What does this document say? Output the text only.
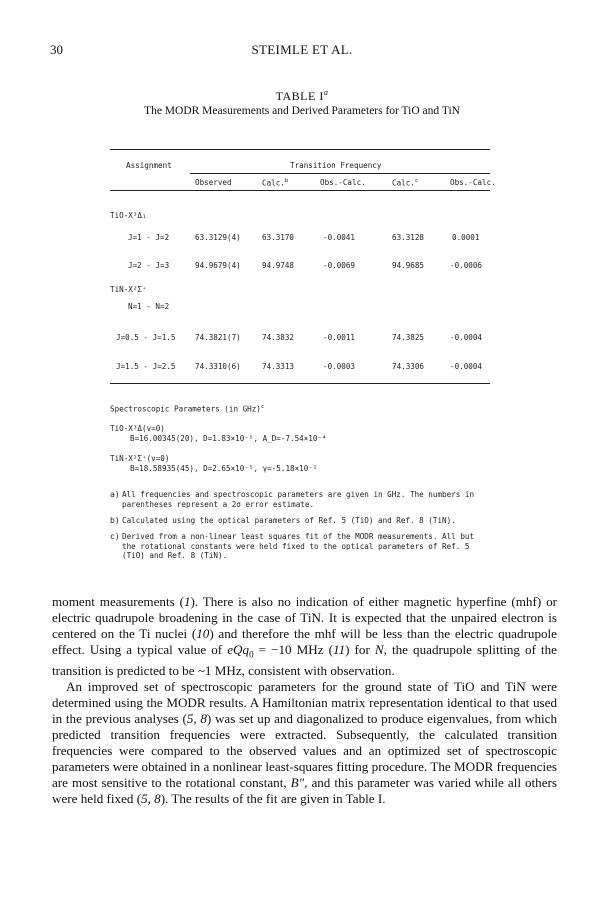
30	STEIMLE ET AL.
TABLE $I^a$
The MODR Measurements and Derived Parameters for TiO and TiN
Assignment	Transition Frequency
Observed	Calc.$^b$	Obs.-Calc.	Calc.$^c$	Obs.-Calc.
TiO-X³Δ₁
J=1 - J=2	63.3129(4)	63.3170	-0.0041	63.3128	0.0001
J=2 - J=3	94.9679(4)	94.9748	-0.0069	94.9685	-0.0006
TiN-X²Σ⁺
N=1 - N=2
J=0.5 - J=1.5	74.3821(7)	74.3832	-0.0011	74.3825	-0.0004
J=1.5 - J=2.5	74.3310(6)	74.3313	-0.0003	74.3306	-0.0004
Spectroscopic Parameters (in GHz)$^c$
TiO-X³Δ(v=0)
B=16.00345(20), D=1.83×10⁻⁵, A_D=-7.54×10⁻⁴
TiN-X²Σ⁺(v=0)
B=18.58935(45), D=2.65×10⁻⁵, γ=-5.18×10⁻²
a) All frequencies and spectroscopic parameters are given in GHz. The numbers in parentheses represent a 2σ error estimate.
b) Calculated using the optical parameters of Ref. 5 (TiO) and Ref. 8 (TiN).
c) Derived from a non-linear least squares fit of the MODR measurements. All but the rotational constants were held fixed to the optical parameters of Ref. 5 (TiO) and Ref. 8 (TiN).

moment measurements (1). There is also no indication of either magnetic hyperfine (mhf) or electric quadrupole broadening in the case of TiN. It is expected that the unpaired electron is centered on the Ti nuclei (10) and therefore the mhf will be less than the electric quadrupole effect. Using a typical value of eQq$_0$ = −10 MHz (11) for N, the quadrupole splitting of the transition is predicted to be ~1 MHz, consistent with observation.

An improved set of spectroscopic parameters for the ground state of TiO and TiN were determined using the MODR results. A Hamiltonian matrix representation identical to that used in the previous analyses (5, 8) was set up and diagonalized to produce eigenvalues, from which predicted transition frequencies were extracted. Subsequently, the calculated transition frequencies were compared to the observed values and an optimized set of spectroscopic parameters were obtained in a nonlinear least-squares fitting procedure. The MODR frequencies are most sensitive to the rotational constant, B", and this parameter was varied while all others were held fixed (5, 8). The results of the fit are given in Table I.
